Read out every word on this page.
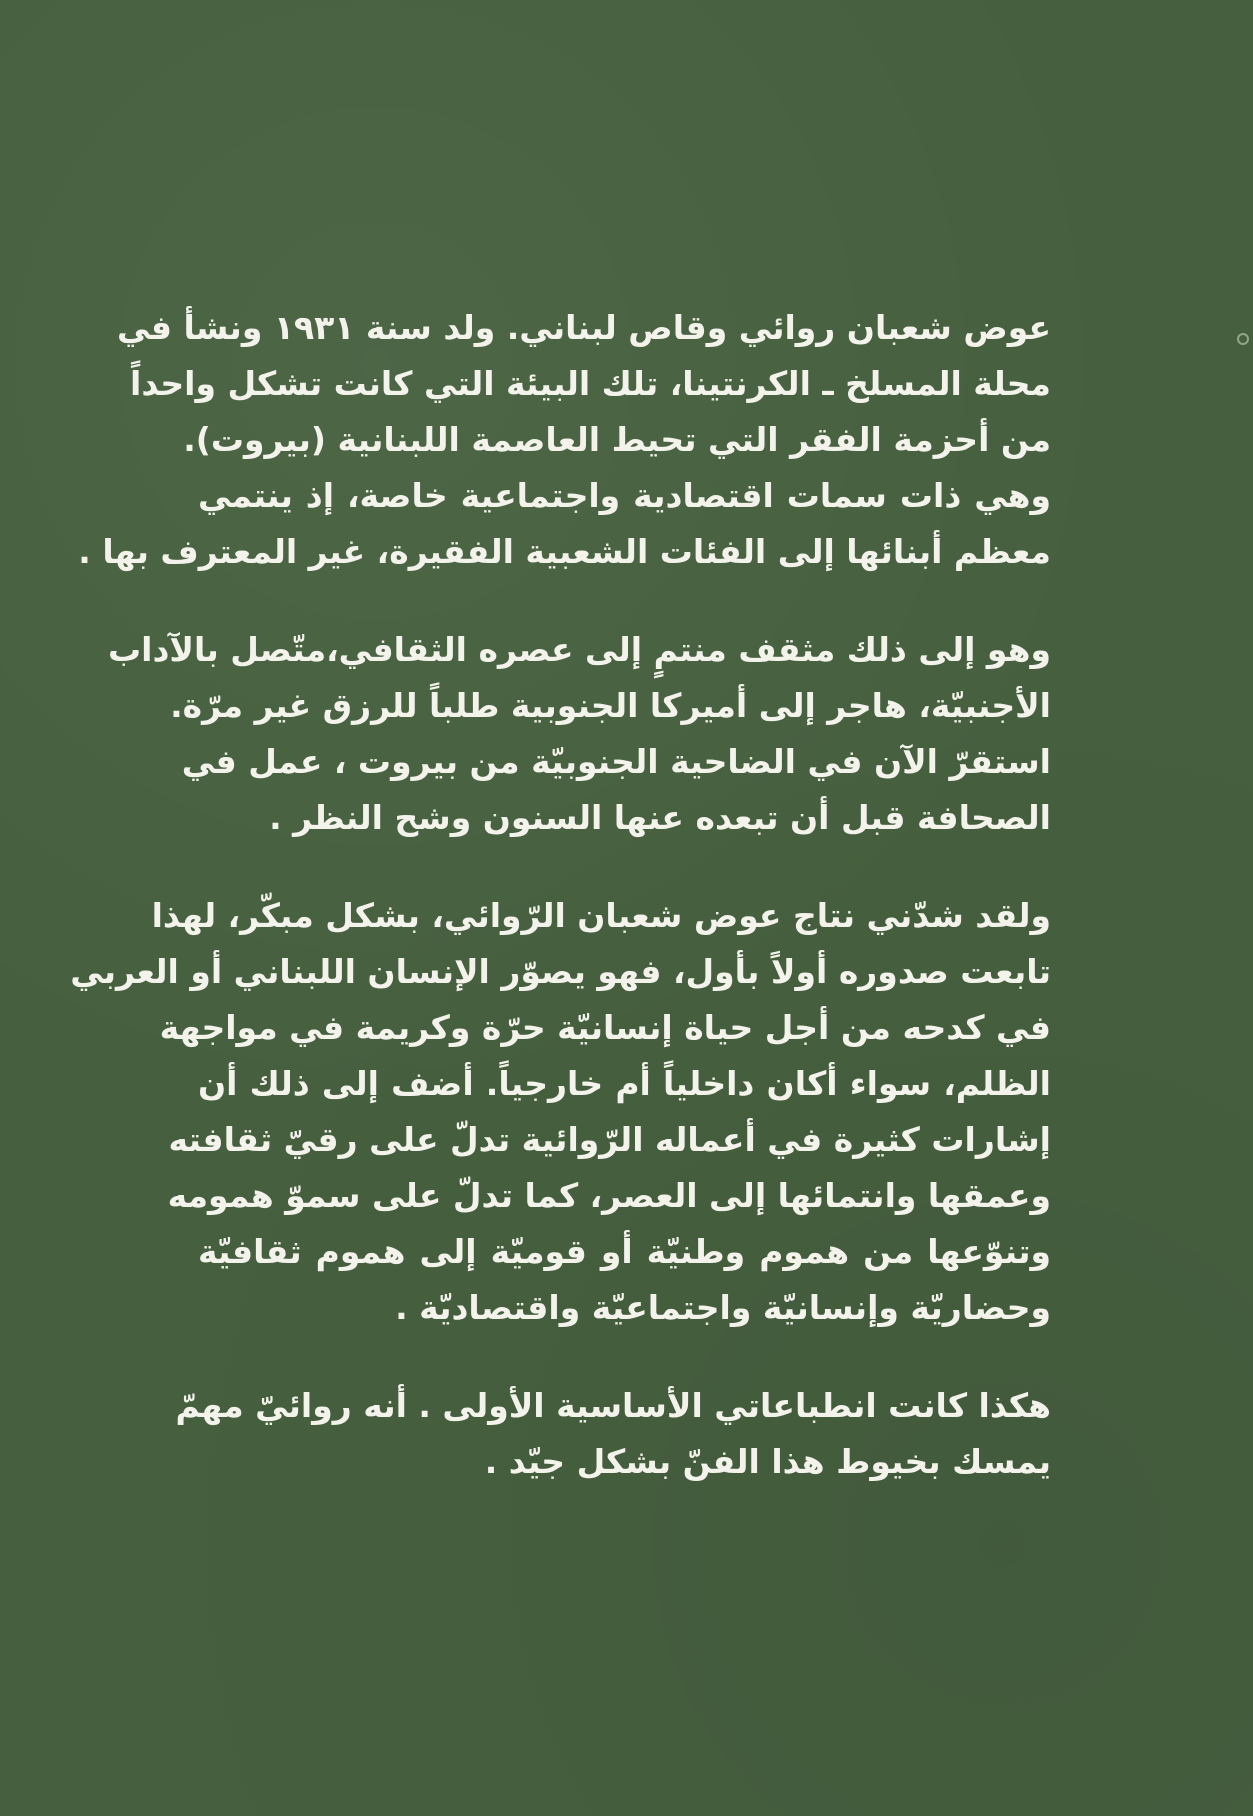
عوض شعبان روائي وقاص لبناني. ولد سنة ١٩٣١ ونشأ في
محلة المسلخ ـ الكرنتينا، تلك البيئة التي كانت تشكل واحداً
من أحزمة الفقر التي تحيط العاصمة اللبنانية (بيروت).
وهي ذات سمات اقتصادية واجتماعية خاصة، إذ ينتمي
معظم أبنائها إلى الفئات الشعبية الفقيرة، غير المعترف بها .

وهو إلى ذلك مثقف منتمٍ إلى عصره الثقافي،متّصل بالآداب
الأجنبيّة، هاجر إلى أميركا الجنوبية طلباً للرزق غير مرّة.
استقرّ الآن في الضاحية الجنوبيّة من بيروت ، عمل في
الصحافة قبل أن تبعده عنها السنون وشح النظر .

ولقد شدّني نتاج عوض شعبان الرّوائي، بشكل مبكّر، لهذا
تابعت صدوره أولاً بأول، فهو يصوّر الإنسان اللبناني أو العربي
في كدحه من أجل حياة إنسانيّة حرّة وكريمة في مواجهة
الظلم، سواء أكان داخلياً أم خارجياً. أضف إلى ذلك أن
إشارات كثيرة في أعماله الرّوائية تدلّ على رقيّ ثقافته
وعمقها وانتمائها إلى العصر، كما تدلّ على سموّ همومه
وتنوّعها من هموم وطنيّة أو قوميّة إلى هموم ثقافيّة
وحضاريّة وإنسانيّة واجتماعيّة واقتصاديّة .

هكذا كانت انطباعاتي الأساسية الأولى . أنه روائيّ مهمّ
يمسك بخيوط هذا الفنّ بشكل جيّد .
